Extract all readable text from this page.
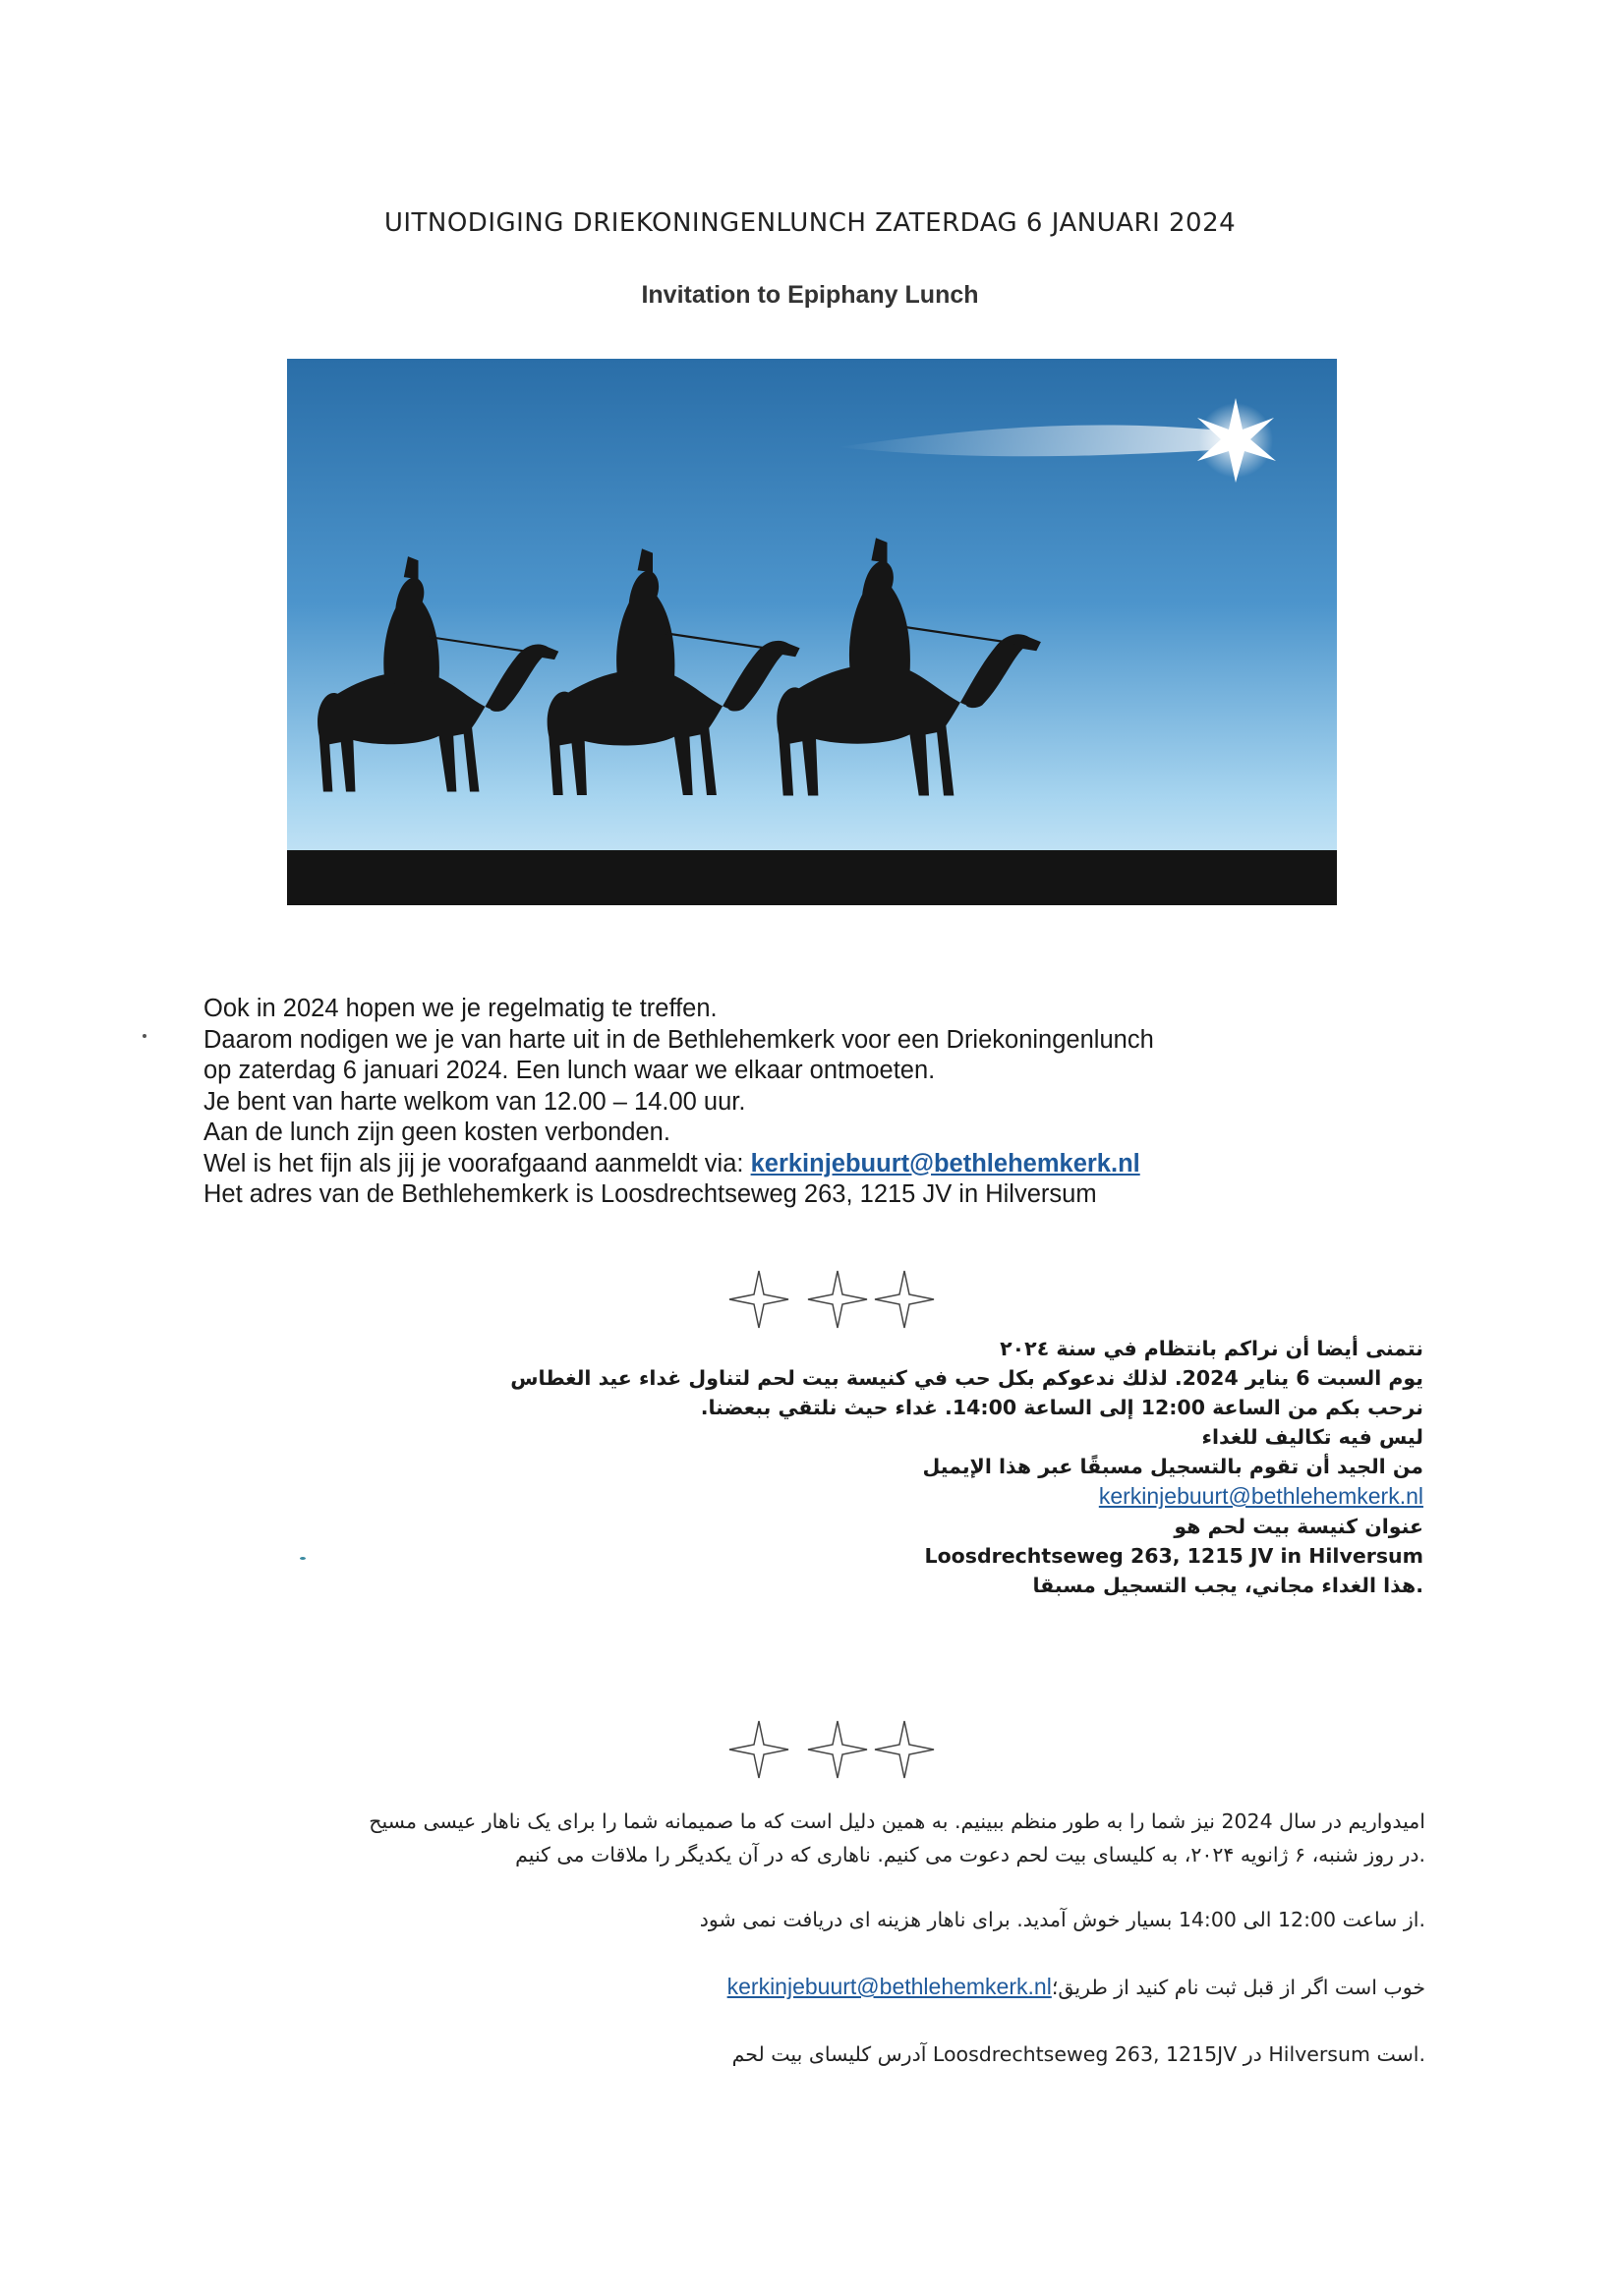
UITNODIGING DRIEKONINGENLUNCH ZATERDAG 6 JANUARI 2024
Invitation to Epiphany Lunch
Ook in 2024 hopen we je regelmatig te treffen.
Daarom nodigen we je van harte uit in de Bethlehemkerk voor een Driekoningenlunch
op zaterdag 6 januari 2024. Een lunch waar we elkaar ontmoeten.
Je bent van harte welkom van 12.00 – 14.00 uur.
Aan de lunch zijn geen kosten verbonden.
Wel is het fijn als jij je voorafgaand aanmeldt via: kerkinjebuurt@bethlehemkerk.nl
Het adres van de Bethlehemkerk is Loosdrechtseweg 263, 1215 JV in Hilversum
نتمنى أيضا أن نراكم بانتظام في سنة ٢٠٢٤
يوم السبت 6 يناير 2024. لذلك ندعوكم بكل حب في كنيسة بيت لحم لتناول غداء عيد الغطاس
نرحب بكم من الساعة 12:00 إلى الساعة 14:00. غداء حيث نلتقي ببعضنا.
ليس فيه تكاليف للغداء
من الجيد أن تقوم بالتسجيل مسبقًا عبر هذا الإيميل
kerkinjebuurt@bethlehemkerk.nl
عنوان كنيسة بيت لحم هو
Loosdrechtseweg 263, 1215 JV in Hilversum
.هذا الغداء مجاني، يجب التسجيل مسبقا
امیدواریم در سال 2024 نیز شما را به طور منظم ببینیم. به همین دلیل است که ما صمیمانه شما را برای یک ناهار عیسی مسیح
.در روز شنبه، ۶ ژانویه ۲۰۲۴، به کلیسای بیت لحم دعوت می کنیم. ناهاری که در آن یکدیگر را ملاقات می کنیم
.از ساعت 12:00 الی 14:00 بسیار خوش آمدید. برای ناهار هزینه ای دریافت نمی شود
خوب است اگر از قبل ثبت نام کنید از طریق؛kerkinjebuurt@bethlehemkerk.nl
.است Hilversum در Loosdrechtseweg 263, 1215JV آدرس کلیسای بیت لحم
